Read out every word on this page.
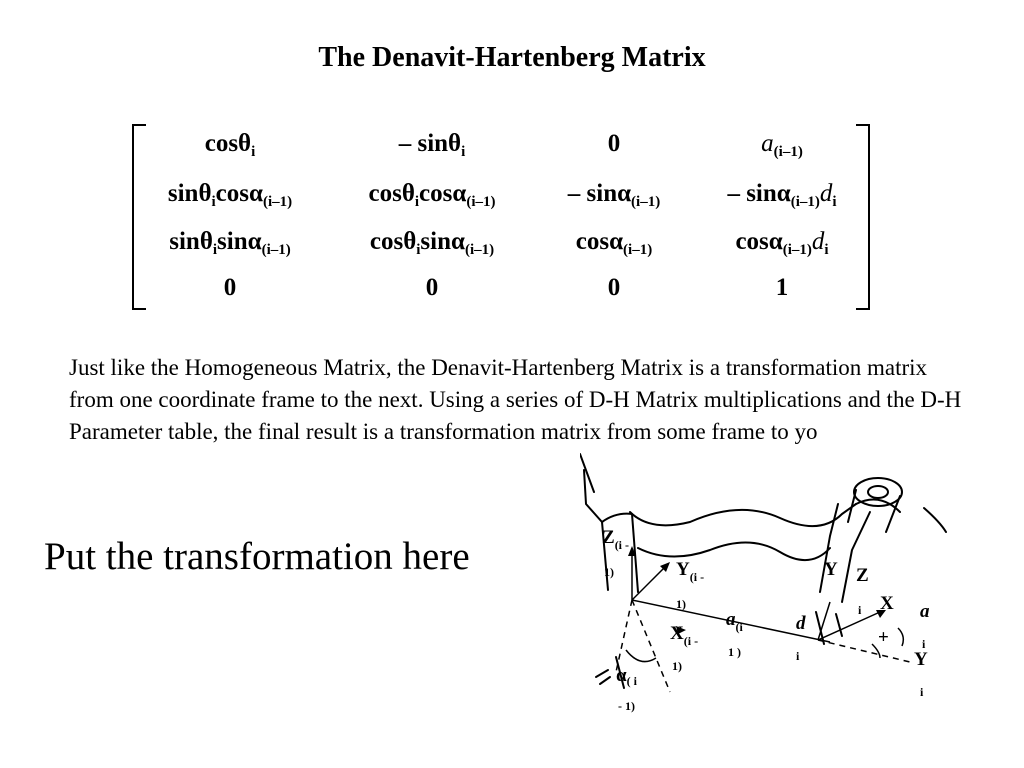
The Denavit-Hartenberg Matrix
cosθ$_i$	– sinθ$_i$	0	$a_{(i-1)}$
sinθ$_i$cosα$_{(i-1)}$	cosθ$_i$cosα$_{(i-1)}$	– sinα$_{(i-1)}$	– $\sin\alpha_{(i-1)}d_i$
sinθ$_i$sinα$_{(i-1)}$	cosθ$_i$sinα$_{(i-1)}$	cosα$_{(i-1)}$	$\cos\alpha_{(i-1)}d_i$
0	0	0	1
Just like the Homogeneous Matrix, the Denavit-Hartenberg Matrix is a transformation matrix from one coordinate frame to the next. Using a series of D-H Matrix multiplications and the D-H Parameter table, the final result is a transformation matrix from some frame to yo
Put the transformation here	$Z_{(i -}$
1)	$Y_{(i -}$
1)
$X_{(i -}$
1)
$a_{(i}$
1 )
d
i
$\alpha_{( i}$
- 1)
Y Z
X
i	a
i
Y
i
+
